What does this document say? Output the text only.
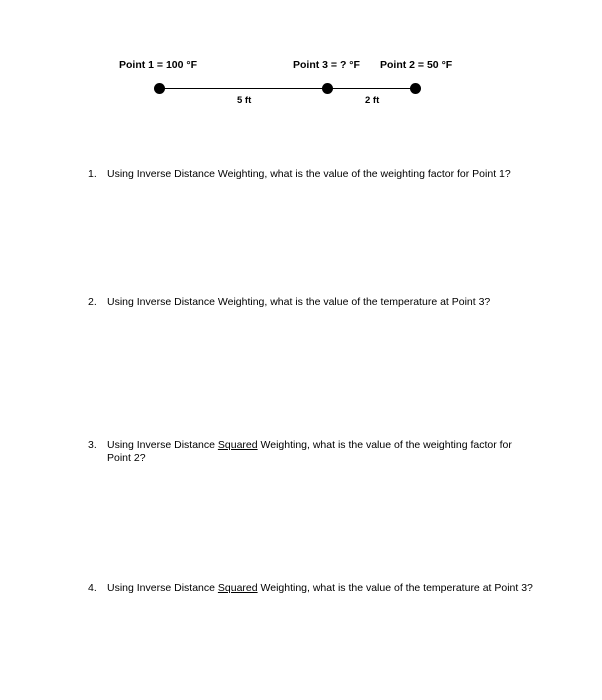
Point 1 = 100 °F	Point 3 = ? °F Point 2 = 50 °F
5 ft	2 ft
1. Using Inverse Distance Weighting, what is the value of the weighting factor for Point 1?
2. Using Inverse Distance Weighting, what is the value of the temperature at Point 3?
3. Using Inverse Distance Squared Weighting, what is the value of the weighting factor for Point 2?
4. Using Inverse Distance Squared Weighting, what is the value of the temperature at Point 3?
